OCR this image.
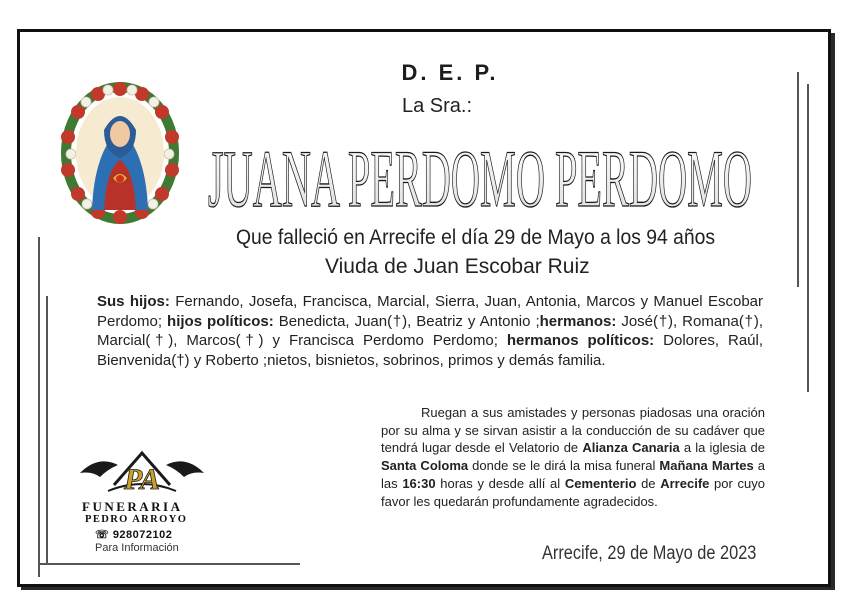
D. E. P.
La Sra.:
JUANA PERDOMO PERDOMO
Que falleció en Arrecife el día 29 de Mayo a los 94 años
Viuda de Juan Escobar Ruiz
Sus hijos: Fernando, Josefa, Francisca, Marcial, Sierra, Juan, Antonia, Marcos y Manuel Escobar Perdomo; hijos políticos: Benedicta, Juan(†), Beatriz y Antonio ;hermanos: José(†), Romana(†), Marcial(†), Marcos(†) y Francisca Perdomo Perdomo; hermanos políticos: Dolores, Raúl, Bienvenida(†) y Roberto ;nietos, bisnietos, sobrinos, primos y demás familia.
Ruegan a sus amistades y personas piadosas una oración por su alma y se sirvan asistir a la conducción de su cadáver que tendrá lugar desde el Velatorio de Alianza Canaria a la iglesia de Santa Coloma donde se le dirá la misa funeral Mañana Martes a las 16:30 horas y desde allí al Cementerio de Arrecife por cuyo favor les quedarán profundamente agradecidos.
Arrecife, 29 de Mayo de 2023
PA
FUNERARIA
PEDRO ARROYO
☏ 928072102
Para Información
